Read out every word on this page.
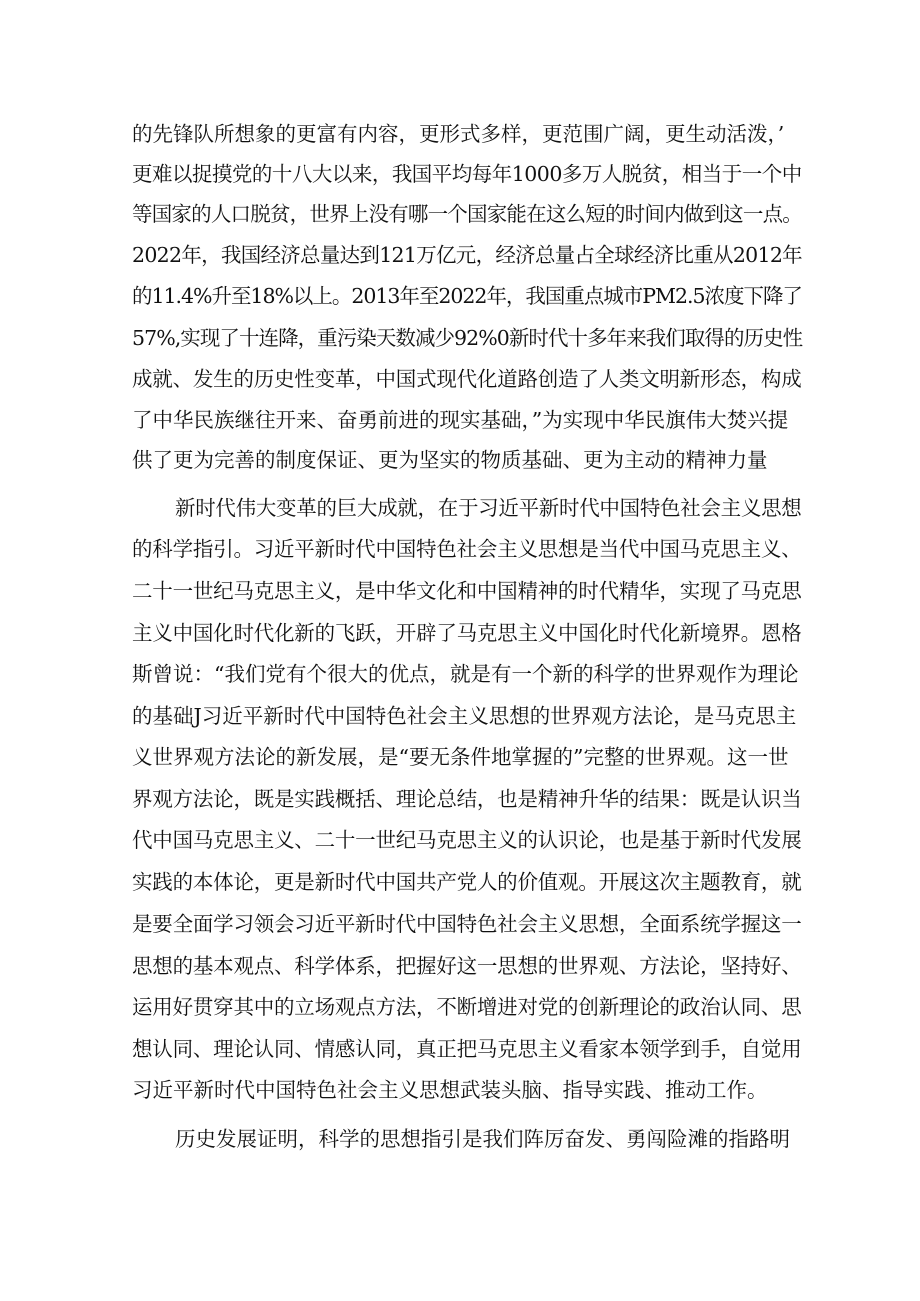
的先锋队所想象的更富有内容，更形式多样，更范围广阔，更生动活泼，’
更难以捉摸党的十八大以来，我国平均每年1000多万人脱贫，相当于一个中
等国家的人口脱贫，世界上没有哪一个国家能在这么短的时间内做到这一点。
2022年，我国经济总量达到121万亿元，经济总量占全球经济比重从2012年
的11.4%升至18%以上。2013年至2022年，我国重点城市PM2.5浓度下降了
57%,实现了十连降，重污染天数减少92%0新时代十多年来我们取得的历史性
成就、发生的历史性变革，中国式现代化道路创造了人类文明新形态，构成
了中华民族继往开来、奋勇前进的现实基础，”为实现中华民旗伟大焚兴提
供了更为完善的制度保证、更为坚实的物质基础、更为主动的精神力量
新时代伟大变革的巨大成就，在于习近平新时代中国特色社会主义思想
的科学指引。习近平新时代中国特色社会主义思想是当代中国马克思主义、
二十一世纪马克思主义，是中华文化和中国精神的时代精华，实现了马克思
主义中国化时代化新的飞跃，开辟了马克思主义中国化时代化新境界。恩格
斯曾说：“我们党有个很大的优点，就是有一个新的科学的世界观作为理论
的基础J习近平新时代中国特色社会主义思想的世界观方法论，是马克思主
义世界观方法论的新发展，是“要无条件地掌握的”完整的世界观。这一世
界观方法论，既是实践概括、理论总结，也是精神升华的结果：既是认识当
代中国马克思主义、二十一世纪马克思主义的认识论，也是基于新时代发展
实践的本体论，更是新时代中国共产党人的价值观。开展这次主题教育，就
是要全面学习领会习近平新时代中国特色社会主义思想，全面系统学握这一
思想的基本观点、科学体系，把握好这一思想的世界观、方法论，坚持好、
运用好贯穿其中的立场观点方法，不断增进对党的创新理论的政治认同、思
想认同、理论认同、情感认同，真正把马克思主义看家本领学到手，自觉用
习近平新时代中国特色社会主义思想武装头脑、指导实践、推动工作。
历史发展证明，科学的思想指引是我们阵厉奋发、勇闯险滩的指路明
